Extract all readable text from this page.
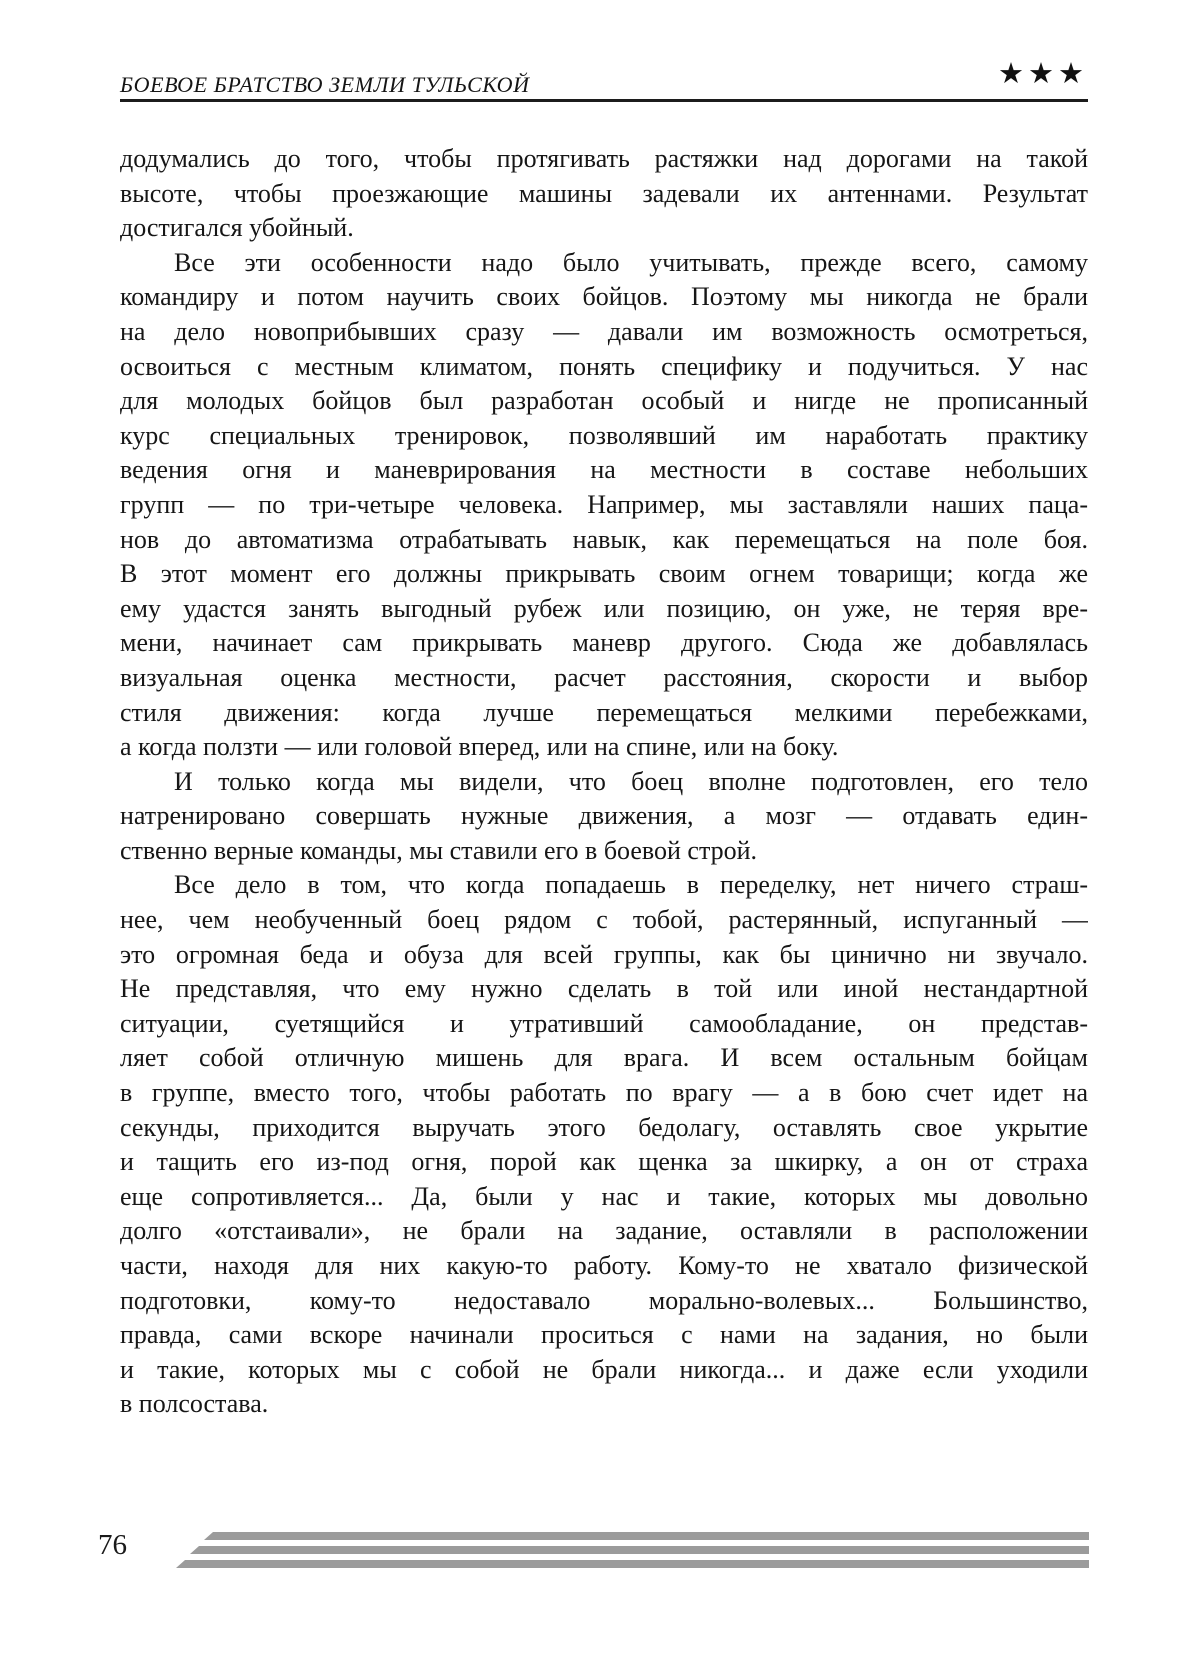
БОЕВОЕ БРАТСТВО ЗЕМЛИ ТУЛЬСКОЙ	★★★
додумались до того, чтобы протягивать растяжки над дорогами на такой
высоте, чтобы проезжающие машины задевали их антеннами. Результат
достигался убойный.
Все эти особенности надо было учитывать, прежде всего, самому
командиру и потом научить своих бойцов. Поэтому мы никогда не брали
на дело новоприбывших сразу — давали им возможность осмотреться,
освоиться с местным климатом, понять специфику и подучиться. У нас
для молодых бойцов был разработан особый и нигде не прописанный
курс специальных тренировок, позволявший им наработать практику
ведения огня и маневрирования на местности в составе небольших
групп — по три-четыре человека. Например, мы заставляли наших паца-
нов до автоматизма отрабатывать навык, как перемещаться на поле боя.
В этот момент его должны прикрывать своим огнем товарищи; когда же
ему удастся занять выгодный рубеж или позицию, он уже, не теряя вре-
мени, начинает сам прикрывать маневр другого. Сюда же добавлялась
визуальная оценка местности, расчет расстояния, скорости и выбор
стиля движения: когда лучше перемещаться мелкими перебежками,
а когда ползти — или головой вперед, или на спине, или на боку.
И только когда мы видели, что боец вполне подготовлен, его тело
натренировано совершать нужные движения, а мозг — отдавать един-
ственно верные команды, мы ставили его в боевой строй.
Все дело в том, что когда попадаешь в переделку, нет ничего страш-
нее, чем необученный боец рядом с тобой, растерянный, испуганный —
это огромная беда и обуза для всей группы, как бы цинично ни звучало.
Не представляя, что ему нужно сделать в той или иной нестандартной
ситуации, суетящийся и утративший самообладание, он представ-
ляет собой отличную мишень для врага. И всем остальным бойцам
в группе, вместо того, чтобы работать по врагу — а в бою счет идет на
секунды, приходится выручать этого бедолагу, оставлять свое укрытие
и тащить его из-под огня, порой как щенка за шкирку, а он от страха
еще сопротивляется... Да, были у нас и такие, которых мы довольно
долго «отстаивали», не брали на задание, оставляли в расположении
части, находя для них какую-то работу. Кому-то не хватало физической
подготовки, кому-то недоставало морально-волевых... Большинство,
правда, сами вскоре начинали проситься с нами на задания, но были
и такие, которых мы с собой не брали никогда... и даже если уходили
в полсостава.
76
